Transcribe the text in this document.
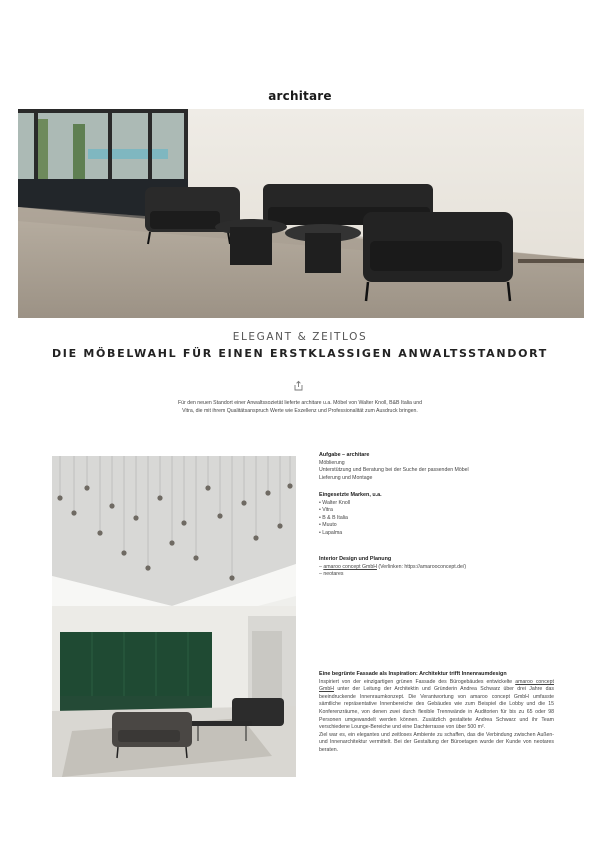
architare
ELEGANT & ZEITLOS
DIE MÖBELWAHL FÜR EINEN ERSTKLASSIGEN ANWALTSSTANDORT
Für den neuen Standort einer Anwaltssozietät lieferte architare u.a. Möbel von Walter Knoll, B&B Italia und
Vitra, die mit ihrem Qualitätsanspruch Werte wie Exzellenz und Professionalität zum Ausdruck bringen.
Aufgabe – architare
Möblierung
Unterstützung und Beratung bei der Suche der passenden Möbel
Lieferung und Montage
Eingesetzte Marken, u.a.
• Walter Knoll
• Vitra
• B & B Italia
• Muuto
• Lapalma
Interior Design und Planung
– amaroo concept GmbH (Verlinken: https://amarooconcept.de/)
– neotares
Eine begrünte Fassade als Inspiration: Architektur trifft Innenraumdesign

Inspiriert von der einzigartigen grünen Fassade des Bürogebäudes entwickelte amaroo concept GmbH unter der Leitung der Architektin und Gründerin Andrea Schwarz über drei Jahre das beeindruckende Innenraumkonzept. Die Verantwortung von amaroo concept GmbH umfasste sämtliche repräsentative Innenbereiche des Gebäudes wie zum Beispiel die Lobby und die 15 Konferenzräume, von denen zwei durch flexible Trennwände in Auditorien für bis zu 65 oder 98 Personen umgewandelt werden können. Zusätzlich gestaltete Andrea Schwarz und ihr Team verschiedene Lounge-Bereiche und eine Dachterrasse von über 500 m².

Ziel war es, ein elegantes und zeitloses Ambiente zu schaffen, das die Verbindung zwischen Außen- und Innenarchitektur vermittelt. Bei der Gestaltung der Büroetagen wurde der Kunde von neotares beraten.
